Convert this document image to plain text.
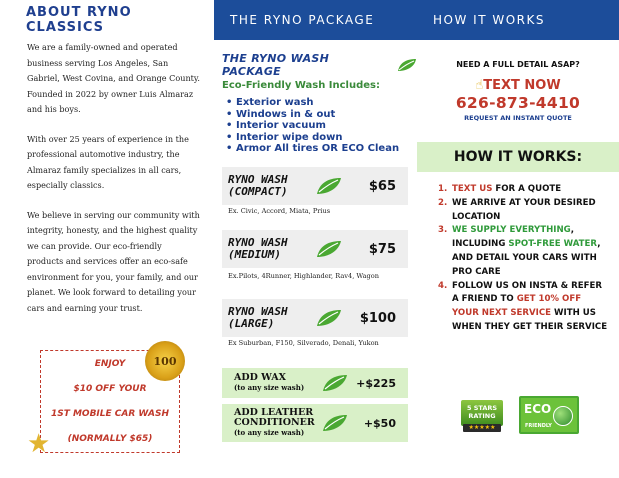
ABOUT RYNO CLASSICS

We are a family-owned and operated business serving Los Angeles, San Gabriel, West Covina, and Orange County. Founded in 2022 by owner Luis Almaraz and his boys.

With over 25 years of experience in the professional automotive industry, the Almaraz family specializes in all cars, especially classics.

We believe in serving our community with integrity, honesty, and the highest quality we can provide. Our eco-friendly products and services offer an eco-safe environment for you, your family, and our planet. We look forward to detailing your cars and earning your trust.

ENJOY
$10 OFF YOUR
1ST MOBILE CAR WASH
(NORMALLY $65)
100
★
THE RYNO PACKAGE
THE RYNO WASH PACKAGE
Eco-Friendly Wash Includes:
• Exterior wash
• Windows in & out
• Interior vacuum
• Interior wipe down
• Armor All tires OR ECO Clean
RYNO WASH
(COMPACT)	$65
Ex. Civic, Accord, Miata, Prius
RYNO WASH
(MEDIUM)	$75
Ex.Pilots, 4Runner, Highlander, Rav4, Wagon
RYNO WASH
(LARGE)	$100
Ex Suburban, F150, Silverado, Denali, Yukon
ADD WAX
(to any size wash)	+$225
ADD LEATHER
CONDITIONER
(to any size wash)
+$50
HOW IT WORKS
NEED A FULL DETAIL ASAP?
☝TEXT NOW
626-873-4410
REQUEST AN INSTANT QUOTE
HOW IT WORKS:
1. TEXT US FOR A QUOTE
2. WE ARRIVE AT YOUR DESIRED LOCATION
3. WE SUPPLY EVERYTHING, INCLUDING SPOT-FREE WATER, AND DETAIL YOUR CARS WITH PRO CARE
4. FOLLOW US ON INSTA & REFER A FRIEND TO GET 10% OFF YOUR NEXT SERVICE WITH US WHEN THEY GET THEIR SERVICE
5 STARS
RATING
★★★★★
ECO
FRIENDLY
